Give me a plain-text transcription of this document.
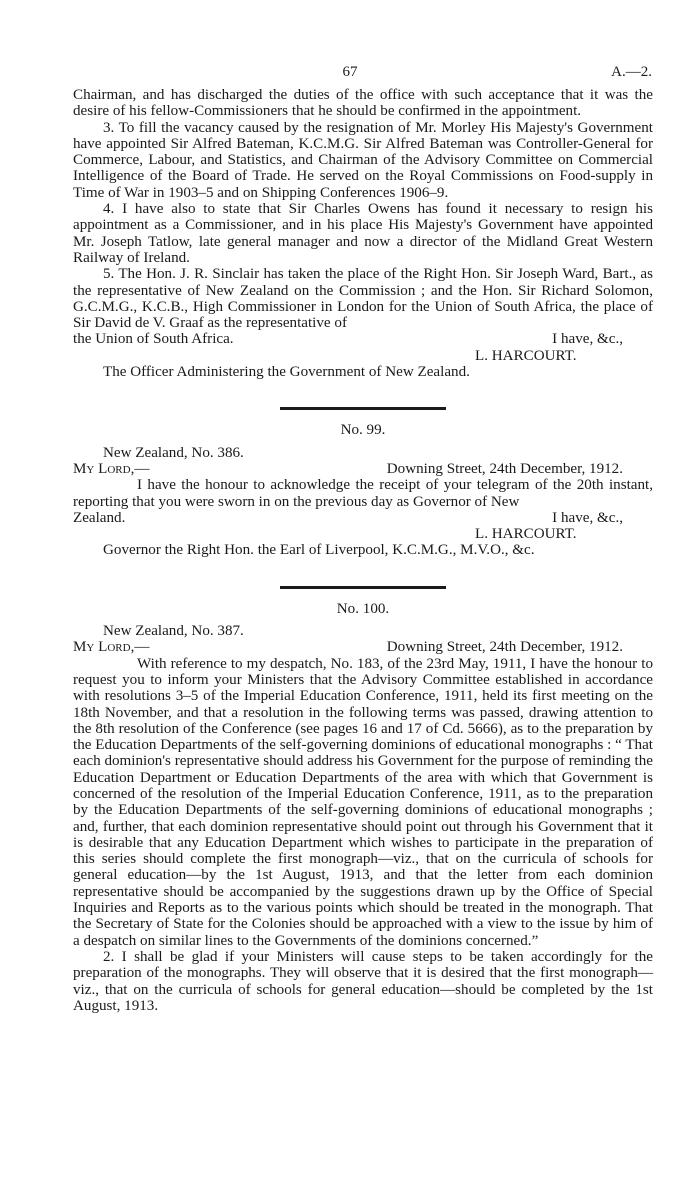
67	A.—2.

Chairman, and has discharged the duties of the office with such acceptance that it was the desire of his fellow-Commissioners that he should be confirmed in the appointment.

3. To fill the vacancy caused by the resignation of Mr. Morley His Majesty's Government have appointed Sir Alfred Bateman, K.C.M.G. Sir Alfred Bateman was Controller-General for Commerce, Labour, and Statistics, and Chairman of the Advisory Committee on Commercial Intelligence of the Board of Trade. He served on the Royal Commissions on Food-supply in Time of War in 1903–5 and on Shipping Conferences 1906–9.

4. I have also to state that Sir Charles Owens has found it necessary to resign his appointment as a Commissioner, and in his place His Majesty's Government have appointed Mr. Joseph Tatlow, late general manager and now a director of the Midland Great Western Railway of Ireland.

5. The Hon. J. R. Sinclair has taken the place of the Right Hon. Sir Joseph Ward, Bart., as the representative of New Zealand on the Commission ; and the Hon. Sir Richard Solomon, G.C.M.G., K.C.B., High Commissioner in London for the Union of South Africa, the place of Sir David de V. Graaf as the representative of

the Union of South Africa.	I have, &c.,
L. HARCOURT.

The Officer Administering the Government of New Zealand.

No. 99.

New Zealand, No. 386.

My Lord,—	Downing Street, 24th December, 1912.

I have the honour to acknowledge the receipt of your telegram of the 20th instant, reporting that you were sworn in on the previous day as Governor of New

Zealand.	I have, &c.,
L. HARCOURT.

Governor the Right Hon. the Earl of Liverpool, K.C.M.G., M.V.O., &c.

No. 100.

New Zealand, No. 387.

My Lord,—	Downing Street, 24th December, 1912.

With reference to my despatch, No. 183, of the 23rd May, 1911, I have the honour to request you to inform your Ministers that the Advisory Committee established in accordance with resolutions 3–5 of the Imperial Education Conference, 1911, held its first meeting on the 18th November, and that a resolution in the following terms was passed, drawing attention to the 8th resolution of the Conference (see pages 16 and 17 of Cd. 5666), as to the preparation by the Education Departments of the self-governing dominions of educational monographs : “ That each dominion's representative should address his Government for the purpose of reminding the Education Department or Education Departments of the area with which that Government is concerned of the resolution of the Imperial Education Conference, 1911, as to the preparation by the Education Departments of the self-governing dominions of educational monographs ; and, further, that each dominion representative should point out through his Government that it is desirable that any Education Department which wishes to participate in the preparation of this series should complete the first monograph—viz., that on the curricula of schools for general education—by the 1st August, 1913, and that the letter from each dominion representative should be accompanied by the suggestions drawn up by the Office of Special Inquiries and Reports as to the various points which should be treated in the monograph. That the Secretary of State for the Colonies should be approached with a view to the issue by him of a despatch on similar lines to the Governments of the dominions concerned.”

2. I shall be glad if your Ministers will cause steps to be taken accordingly for the preparation of the monographs. They will observe that it is desired that the first monograph—viz., that on the curricula of schools for general education—should be completed by the 1st August, 1913.
